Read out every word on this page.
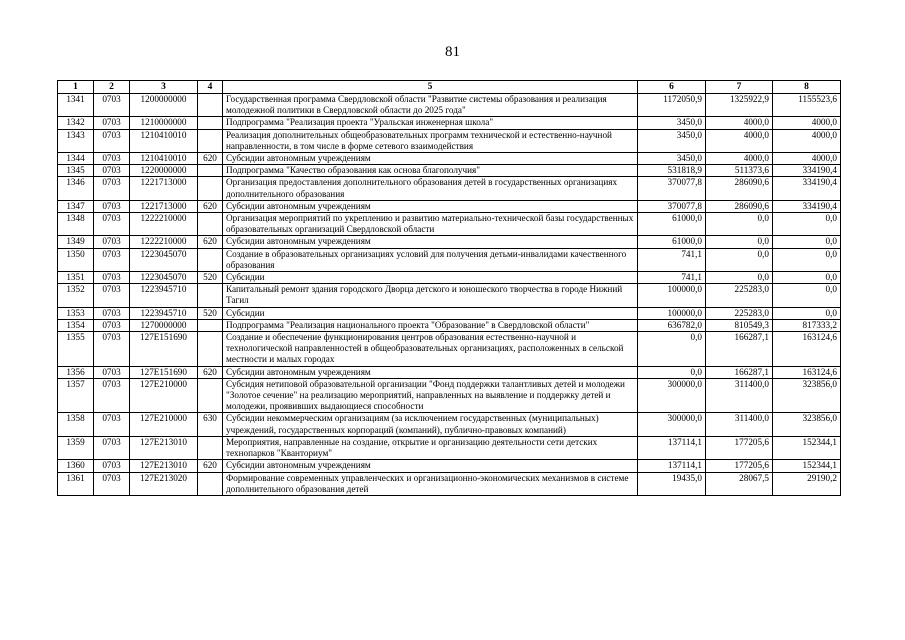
81
1	2	3	4	5	6	7	8
1341	0703	1200000000		Государственная программа Свердловской области "Развитие системы образования и реализация молодежной политики в Свердловской области до 2025 года"	1172050,9	1325922,9	1155523,6
1342	0703	1210000000		Подпрограмма "Реализация проекта "Уральская инженерная школа"	3450,0	4000,0	4000,0
1343	0703	1210410010		Реализация дополнительных общеобразовательных программ технической и естественно-научной направленности, в том числе в форме сетевого взаимодействия	3450,0	4000,0	4000,0
1344	0703	1210410010	620	Субсидии автономным учреждениям	3450,0	4000,0	4000,0
1345	0703	1220000000		Подпрограмма "Качество образования как основа благополучия"	531818,9	511373,6	334190,4
1346	0703	1221713000		Организация предоставления дополнительного образования детей в государственных организациях дополнительного образования	370077,8	286090,6	334190,4
1347	0703	1221713000	620	Субсидии автономным учреждениям	370077,8	286090,6	334190,4
1348	0703	1222210000		Организация мероприятий по укреплению и развитию материально-технической базы государственных образовательных организаций Свердловской области	61000,0	0,0	0,0
1349	0703	1222210000	620	Субсидии автономным учреждениям	61000,0	0,0	0,0
1350	0703	1223045070		Создание в образовательных организациях условий для получения детьми-инвалидами качественного образования	741,1	0,0	0,0
1351	0703	1223045070	520	Субсидии	741,1	0,0	0,0
1352	0703	1223945710		Капитальный ремонт здания городского Дворца детского и юношеского творчества в городе Нижний Тагил	100000,0	225283,0	0,0
1353	0703	1223945710	520	Субсидии	100000,0	225283,0	0,0
1354	0703	1270000000		Подпрограмма "Реализация национального проекта "Образование" в Свердловской области"	636782,0	810549,3	817333,2
1355	0703	127E151690		Создание и обеспечение функционирования центров образования естественно-научной и технологической направленностей в общеобразовательных организациях, расположенных в сельской местности и малых городах	0,0	166287,1	163124,6
1356	0703	127E151690	620	Субсидии автономным учреждениям	0,0	166287,1	163124,6
1357	0703	127E210000		Субсидия нетиповой образовательной организации "Фонд поддержки талантливых детей и молодежи "Золотое сечение" на реализацию мероприятий, направленных на выявление и поддержку детей и молодежи, проявивших выдающиеся способности	300000,0	311400,0	323856,0
1358	0703	127E210000	630	Субсидии некоммерческим организациям (за исключением государственных (муниципальных) учреждений, государственных корпораций (компаний), публично-правовых компаний)	300000,0	311400,0	323856,0
1359	0703	127E213010		Мероприятия, направленные на создание, открытие и организацию деятельности сети детских технопарков "Кванториум"	137114,1	177205,6	152344,1
1360	0703	127E213010	620	Субсидии автономным учреждениям	137114,1	177205,6	152344,1
1361	0703	127E213020		Формирование современных управленческих и организационно-экономических механизмов в системе дополнительного образования детей	19435,0	28067,5	29190,2
